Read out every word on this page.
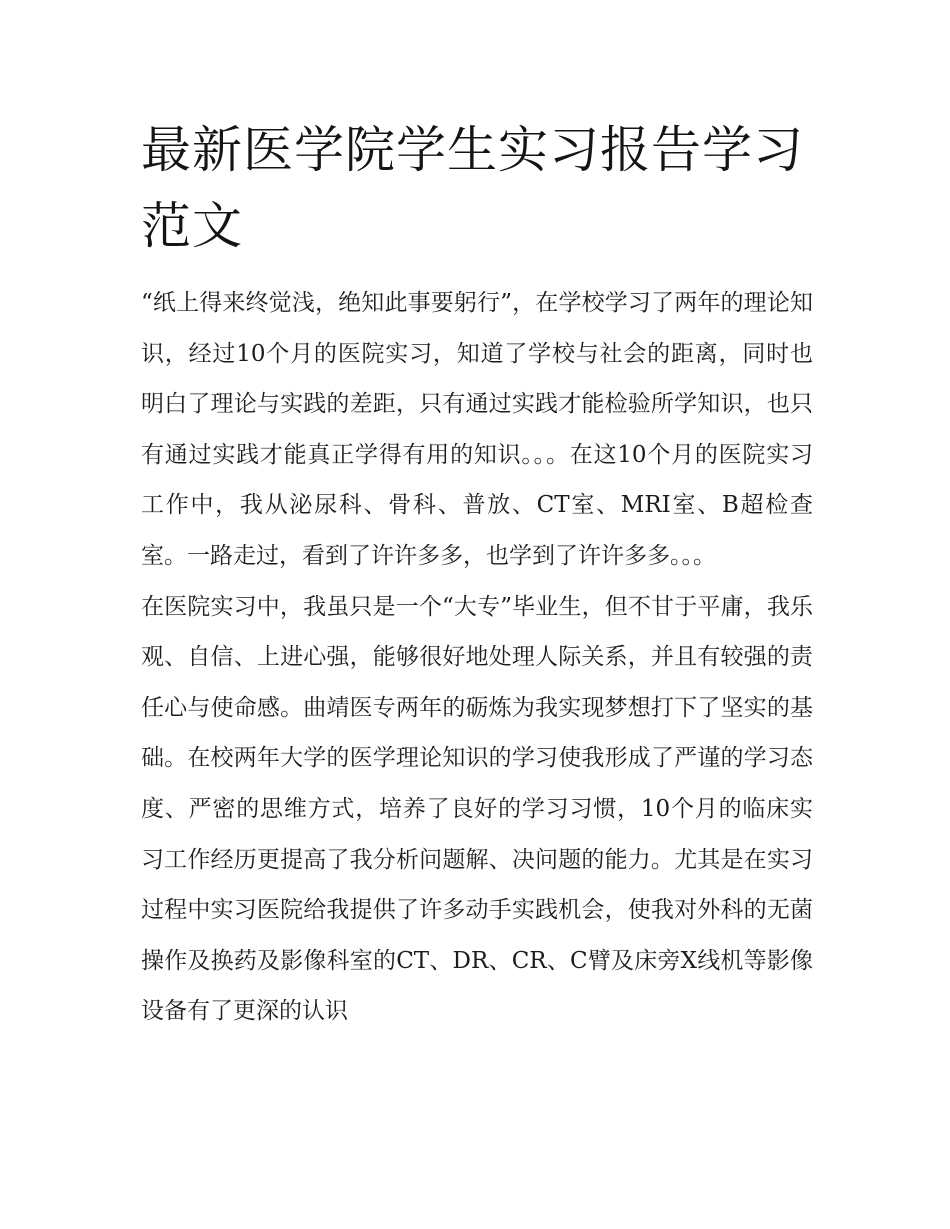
最新医学院学生实习报告学习范文

“纸上得来终觉浅，绝知此事要躬行”，在学校学习了两年的理论知识，经过10个月的医院实习，知道了学校与社会的距离，同时也明白了理论与实践的差距，只有通过实践才能检验所学知识，也只有通过实践才能真正学得有用的知识。。。在这10个月的医院实习工作中，我从泌尿科、骨科、普放、CT室、MRI室、B超检查室。一路走过，看到了许许多多，也学到了许许多多。。。

在医院实习中，我虽只是一个“大专”毕业生，但不甘于平庸，我乐观、自信、上进心强，能够很好地处理人际关系，并且有较强的责任心与使命感。曲靖医专两年的砺炼为我实现梦想打下了坚实的基础。在校两年大学的医学理论知识的学习使我形成了严谨的学习态度、严密的思维方式，培养了良好的学习习惯，10个月的临床实习工作经历更提高了我分析问题解、决问题的能力。尤其是在实习过程中实习医院给我提供了许多动手实践机会，使我对外科的无菌操作及换药及影像科室的CT、DR、CR、C臂及床旁X线机等影像设备有了更深的认识
